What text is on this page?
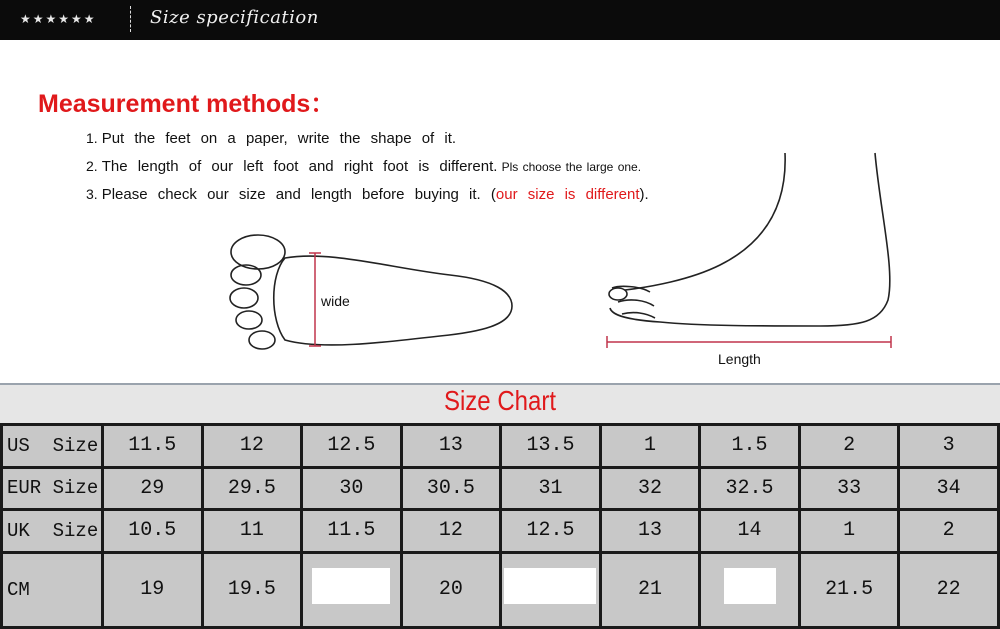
★★★★★★	Size specification
Measurement methods：
1. Put the feet on a paper, write the shape of it.
2. The length of our left foot and right foot is different. Pls choose the large one.
3. Please check our size and length before buying it. (our size is different).
wide
Length
Size Chart
US  Size	11.5	12	12.5	13	13.5	1	1.5	2	3
EUR Size	29	29.5	30	30.5	31	32	32.5	33	34
UK  Size	10.5	11	11.5	12	12.5	13	14	1	2
CM	19	19.5		20		21		21.5	22
